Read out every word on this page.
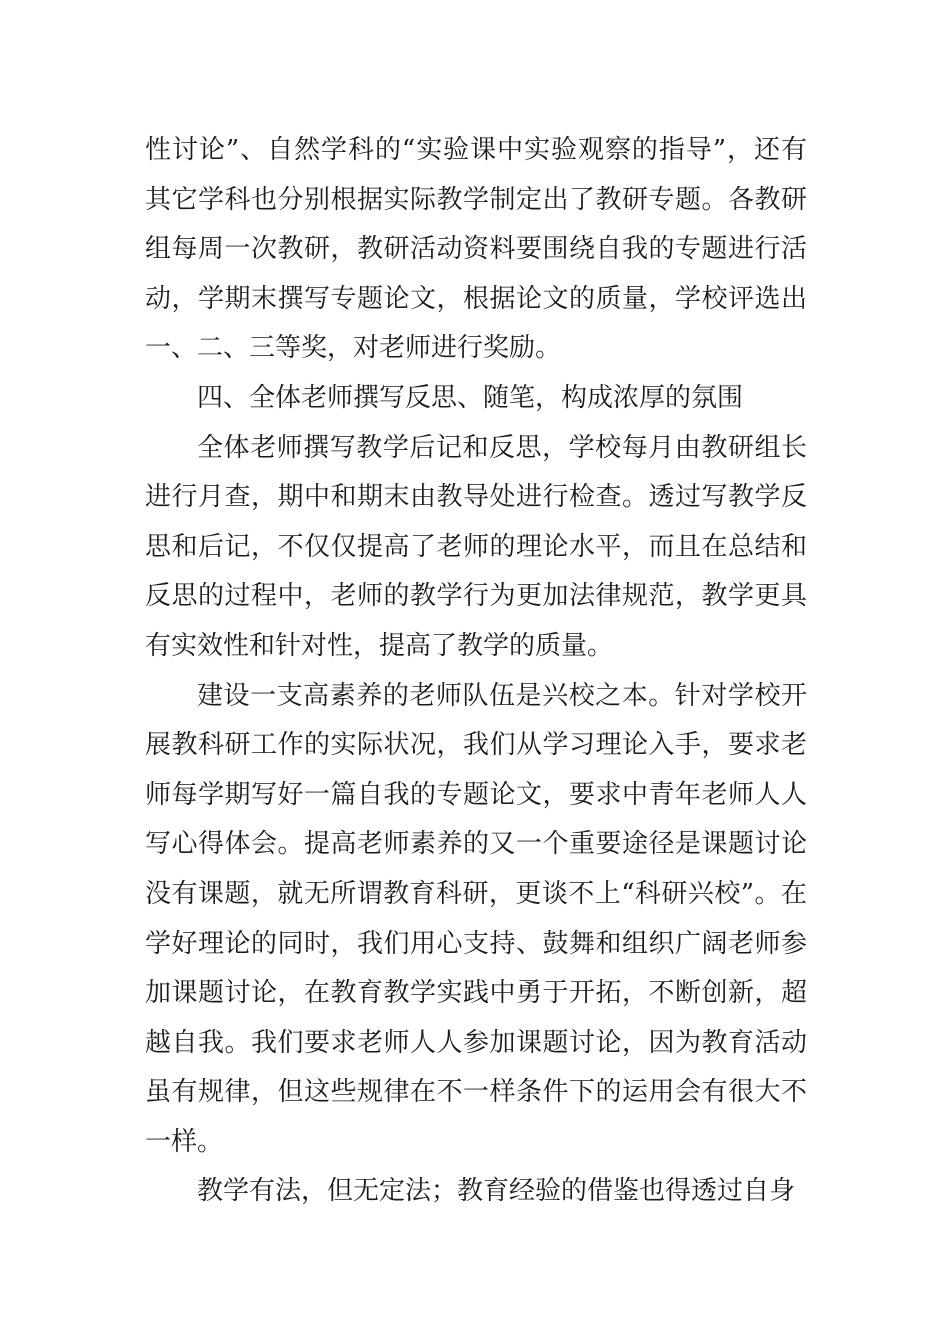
性讨论”、自然学科的“实验课中实验观察的指导”，还有其它学科也分别根据实际教学制定出了教研专题。各教研组每周一次教研，教研活动资料要围绕自我的专题进行活动，学期末撰写专题论文，根据论文的质量，学校评选出一、二、三等奖，对老师进行奖励。

四、全体老师撰写反思、随笔，构成浓厚的氛围

全体老师撰写教学后记和反思，学校每月由教研组长进行月查，期中和期末由教导处进行检查。透过写教学反思和后记，不仅仅提高了老师的理论水平，而且在总结和反思的过程中，老师的教学行为更加法律规范，教学更具有实效性和针对性，提高了教学的质量。

建设一支高素养的老师队伍是兴校之本。针对学校开展教科研工作的实际状况，我们从学习理论入手，要求老师每学期写好一篇自我的专题论文，要求中青年老师人人写心得体会。提高老师素养的又一个重要途径是课题讨论没有课题，就无所谓教育科研，更谈不上“科研兴校”。在学好理论的同时，我们用心支持、鼓舞和组织广阔老师参加课题讨论，在教育教学实践中勇于开拓，不断创新，超越自我。我们要求老师人人参加课题讨论，因为教育活动虽有规律，但这些规律在不一样条件下的运用会有很大不一样。

教学有法，但无定法；教育经验的借鉴也得透过自身
